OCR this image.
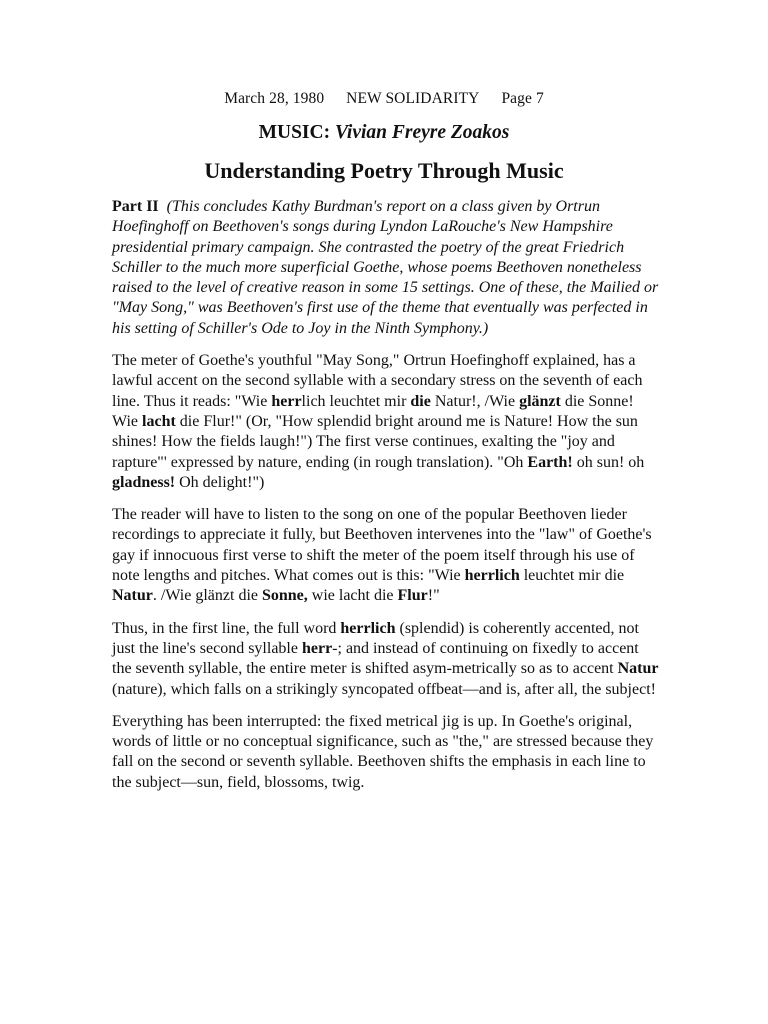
March 28, 1980 NEW SOLIDARITY Page 7
MUSIC: Vivian Freyre Zoakos
Understanding Poetry Through Music

Part II (This concludes Kathy Burdman's report on a class given by Ortrun Hoefinghoff on Beethoven's songs during Lyndon LaRouche's New Hampshire presidential primary campaign. She contrasted the poetry of the great Friedrich Schiller to the much more superficial Goethe, whose poems Beethoven nonetheless raised to the level of creative reason in some 15 settings. One of these, the Mailied or "May Song," was Beethoven's first use of the theme that eventually was perfected in his setting of Schiller's Ode to Joy in the Ninth Symphony.)

The meter of Goethe's youthful "May Song," Ortrun Hoefinghoff explained, has a lawful accent on the second syllable with a secondary stress on the seventh of each line. Thus it reads: "Wie herrlich leuchtet mir die Natur!, /Wie glänzt die Sonne! Wie lacht die Flur!" (Or, "How splendid bright around me is Nature! How the sun shines! How the fields laugh!") The first verse continues, exalting the "joy and rapture"' expressed by nature, ending (in rough translation). "Oh Earth! oh sun! oh gladness! Oh delight!")

The reader will have to listen to the song on one of the popular Beethoven lieder recordings to appreciate it fully, but Beethoven intervenes into the "law" of Goethe's gay if innocuous first verse to shift the meter of the poem itself through his use of note lengths and pitches. What comes out is this: "Wie herrlich leuchtet mir die Natur. /Wie glänzt die Sonne, wie lacht die Flur!"

Thus, in the first line, the full word herrlich (splendid) is coherently accented, not just the line's second syllable herr-; and instead of continuing on fixedly to accent the seventh syllable, the entire meter is shifted asym-metrically so as to accent Natur (nature), which falls on a strikingly syncopated offbeat—and is, after all, the subject!

Everything has been interrupted: the fixed metrical jig is up. In Goethe's original, words of little or no conceptual significance, such as "the," are stressed because they fall on the second or seventh syllable. Beethoven shifts the emphasis in each line to the subject—sun, field, blossoms, twig.
